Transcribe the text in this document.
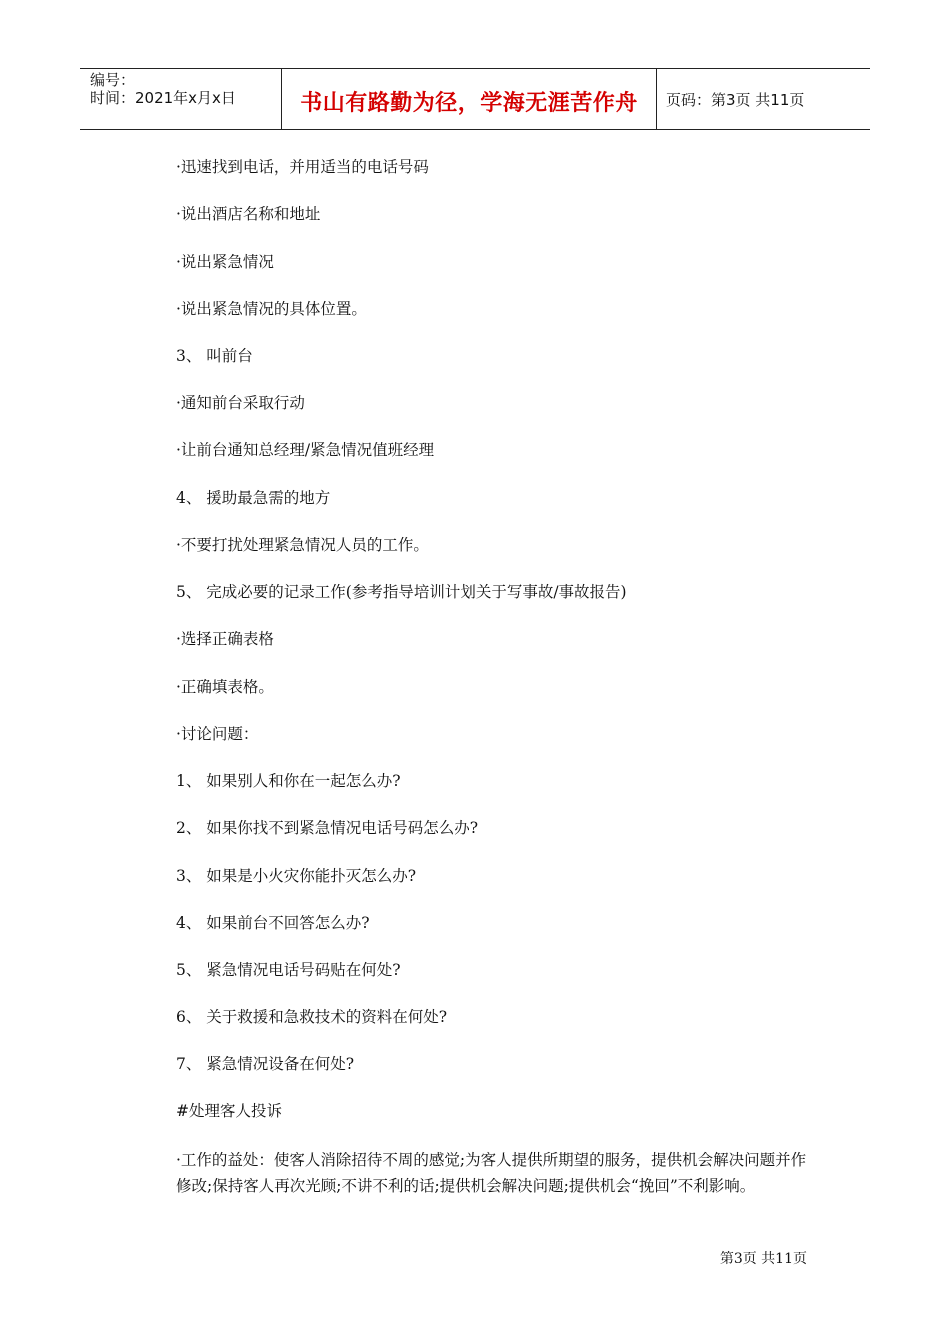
编号：
时间：2021年x月x日	书山有路勤为径，学海无涯苦作舟 页码：第3页 共11页
·迅速找到电话，并用适当的电话号码
·说出酒店名称和地址
·说出紧急情况
·说出紧急情况的具体位置。
3、 叫前台
·通知前台采取行动
·让前台通知总经理/紧急情况值班经理
4、 援助最急需的地方
·不要打扰处理紧急情况人员的工作。
5、 完成必要的记录工作(参考指导培训计划关于写事故/事故报告)
·选择正确表格
·正确填表格。
·讨论问题：
1、 如果别人和你在一起怎么办?
2、 如果你找不到紧急情况电话号码怎么办?
3、 如果是小火灾你能扑灭怎么办?
4、 如果前台不回答怎么办?
5、 紧急情况电话号码贴在何处?
6、 关于救援和急救技术的资料在何处?
7、 紧急情况设备在何处?
#处理客人投诉
·工作的益处：使客人消除招待不周的感觉;为客人提供所期望的服务，提供机会解决问题并作修改;保持客人再次光顾;不讲不利的话;提供机会解决问题;提供机会“挽回”不利影响。
第3页 共11页
